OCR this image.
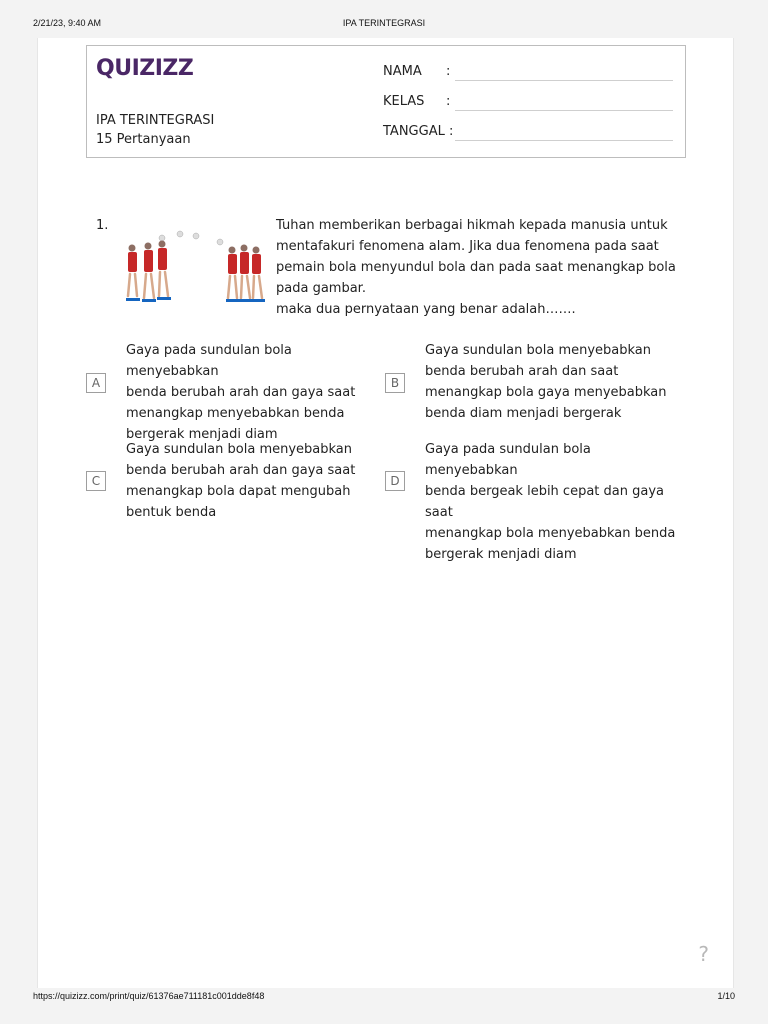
2/21/23, 9:40 AM	IPA TERINTEGRASI
QUIZIZZ
IPA TERINTEGRASI
15 Pertanyaan
NAMA :
KELAS :
TANGGAL :
1.	Tuhan memberikan berbagai hikmah kepada manusia untuk
mentafakuri fenomena alam. Jika dua fenomena pada saat
pemain bola menyundul bola dan pada saat menangkap bola
pada gambar.
maka dua pernyataan yang benar adalah…….
A
Gaya pada sundulan bola menyebabkan
benda berubah arah dan gaya saat
menangkap menyebabkan benda
bergerak menjadi diam
B
Gaya sundulan bola menyebabkan
benda berubah arah dan saat
menangkap bola gaya menyebabkan
benda diam menjadi bergerak
C
Gaya sundulan bola menyebabkan
benda berubah arah dan gaya saat
menangkap bola dapat mengubah
bentuk benda
D
Gaya pada sundulan bola menyebabkan
benda bergeak lebih cepat dan gaya saat
menangkap bola menyebabkan benda
bergerak menjadi diam
?
https://quizizz.com/print/quiz/61376ae711181c001dde8f48	1/10
